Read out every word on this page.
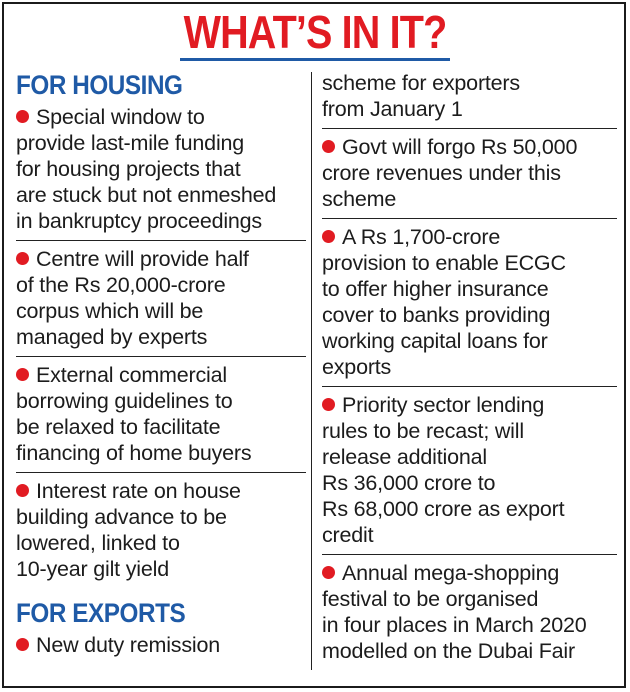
WHAT’S IN IT?
FOR HOUSING
Special window to
provide last-mile funding
for housing projects that
are stuck but not enmeshed
in bankruptcy proceedings
Centre will provide half
of the Rs 20,000-crore
corpus which will be
managed by experts
External commercial
borrowing guidelines to
be relaxed to facilitate
financing of home buyers
Interest rate on house
building advance to be
lowered, linked to
10-year gilt yield
FOR EXPORTS
New duty remission
scheme for exporters
from January 1
Govt will forgo Rs 50,000
crore revenues under this
scheme
A Rs 1,700-crore
provision to enable ECGC
to offer higher insurance
cover to banks providing
working capital loans for
exports
Priority sector lending
rules to be recast; will
release additional
Rs 36,000 crore to
Rs 68,000 crore as export
credit
Annual mega-shopping
festival to be organised
in four places in March 2020
modelled on the Dubai Fair
